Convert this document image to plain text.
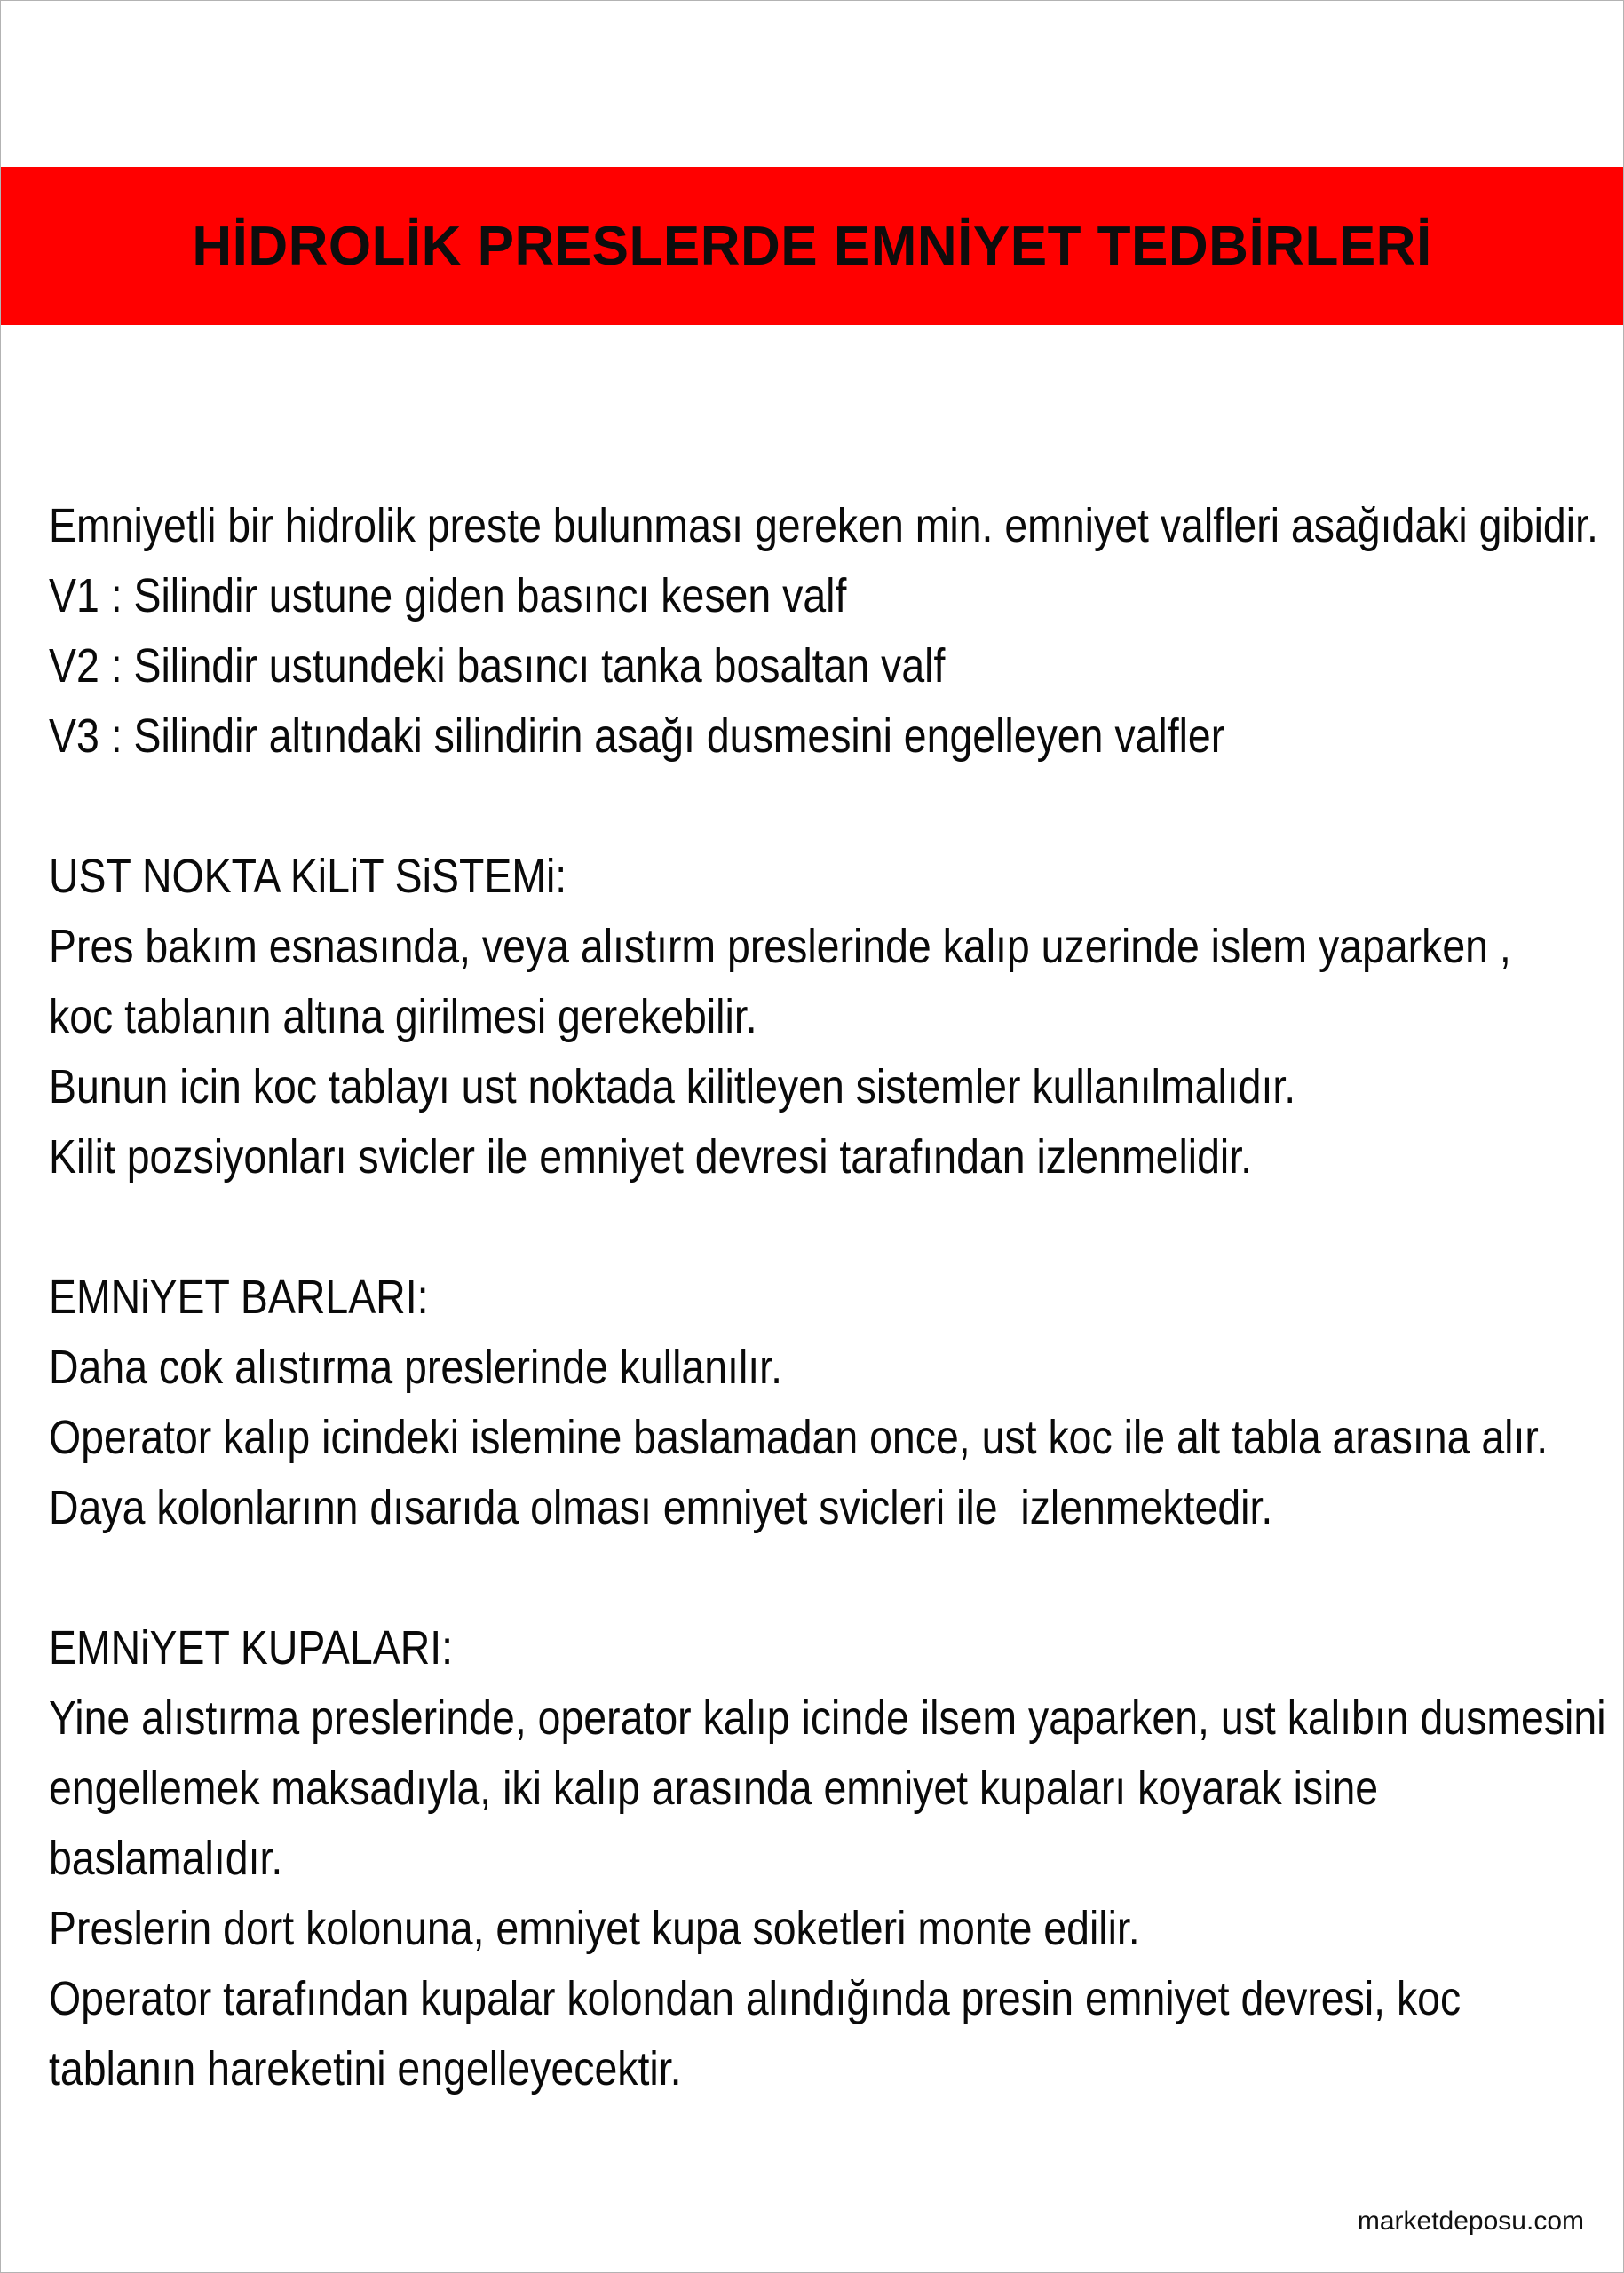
HİDROLİK PRESLERDE EMNİYET TEDBİRLERİ
Emniyetli bir hidrolik preste bulunması gereken min. emniyet valfleri asağıdaki gibidir.
V1 : Silindir ustune giden basıncı kesen valf
V2 : Silindir ustundeki basıncı tanka bosaltan valf
V3 : Silindir altındaki silindirin asağı dusmesini engelleyen valfler
UST NOKTA KiLiT SiSTEMi:
Pres bakım esnasında, veya alıstırm preslerinde kalıp uzerinde islem yaparken ,
koc tablanın altına girilmesi gerekebilir.
Bunun icin koc tablayı ust noktada kilitleyen sistemler kullanılmalıdır.
Kilit pozsiyonları svicler ile emniyet devresi tarafından izlenmelidir.
EMNiYET BARLARI:
Daha cok alıstırma preslerinde kullanılır.
Operator kalıp icindeki islemine baslamadan once, ust koc ile alt tabla arasına alır.
Daya kolonlarınn dısarıda olması emniyet svicleri ile  izlenmektedir.
EMNiYET KUPALARI:
Yine alıstırma preslerinde, operator kalıp icinde ilsem yaparken, ust kalıbın dusmesini
engellemek maksadıyla, iki kalıp arasında emniyet kupaları koyarak isine
baslamalıdır.
Preslerin dort kolonuna, emniyet kupa soketleri monte edilir.
Operator tarafından kupalar kolondan alındığında presin emniyet devresi, koc
tablanın hareketini engelleyecektir.
marketdeposu.com
